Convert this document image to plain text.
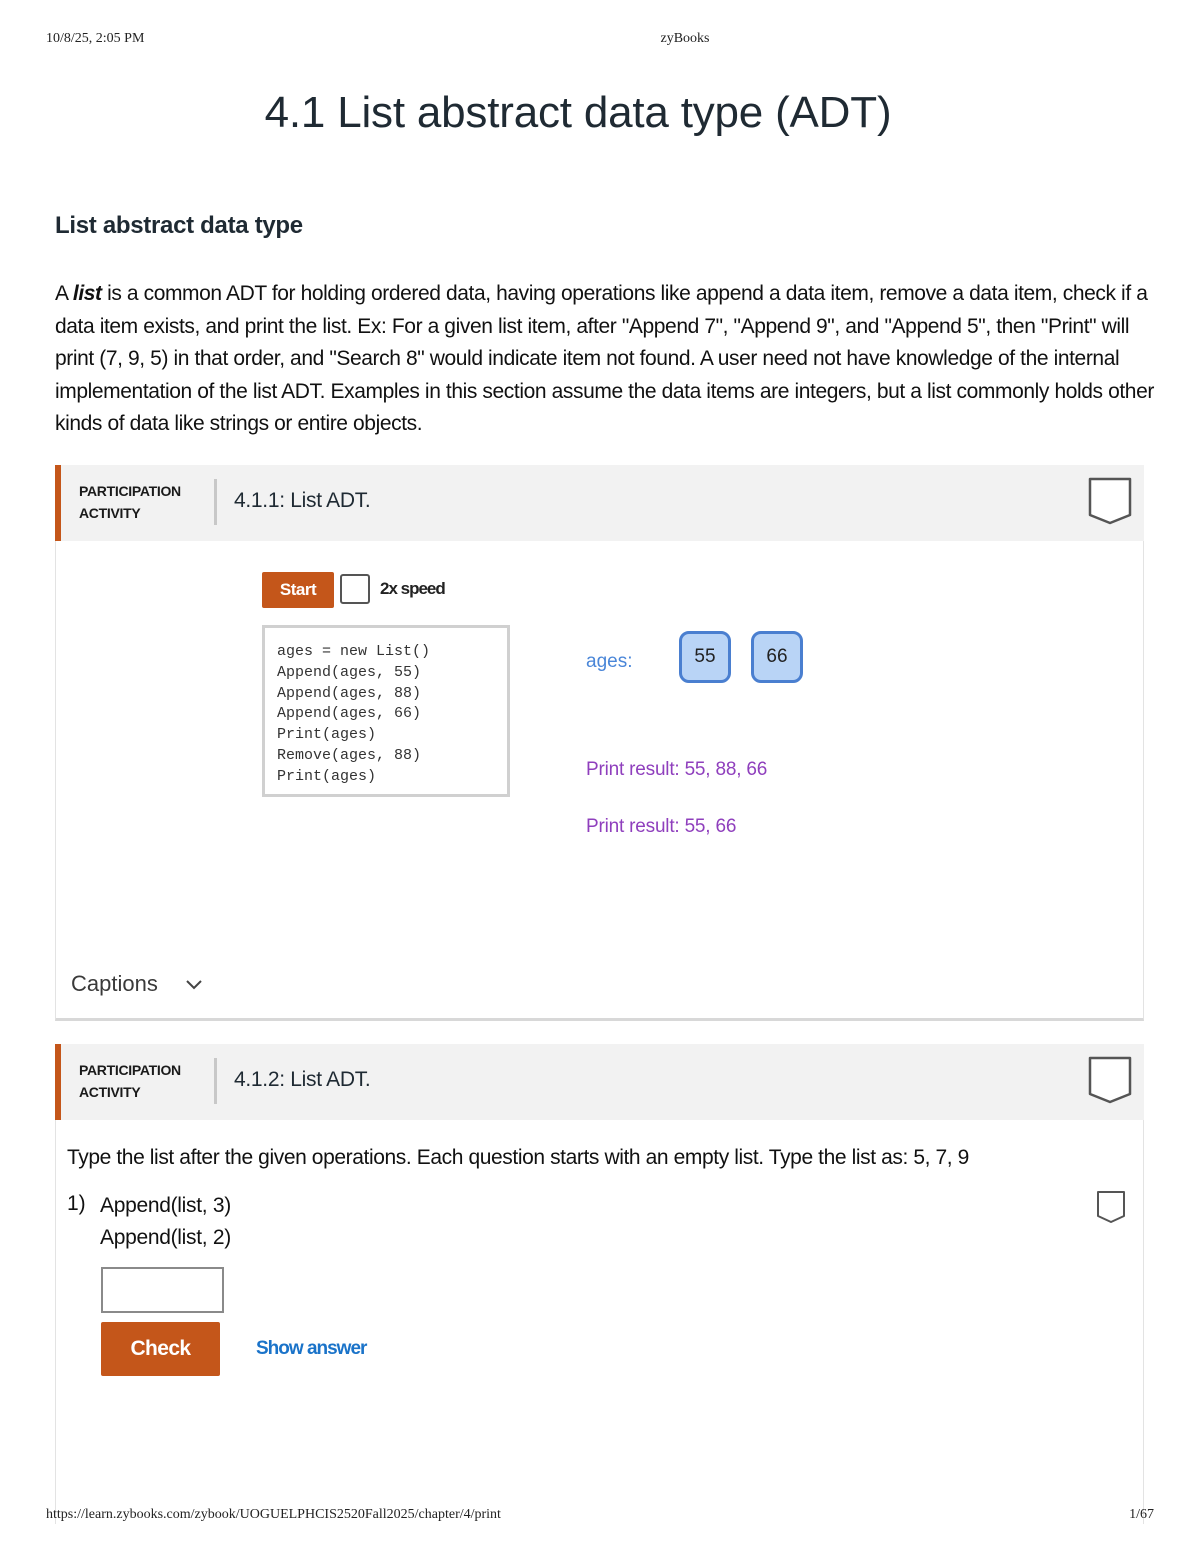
10/8/25, 2:05 PM	zyBooks
4.1 List abstract data type (ADT)
List abstract data type

A list is a common ADT for holding ordered data, having operations like append a data item, remove a data item, check if a data item exists, and print the list. Ex: For a given list item, after "Append 7", "Append 9", and "Append 5", then "Print" will print (7, 9, 5) in that order, and "Search 8" would indicate item not found. A user need not have knowledge of the internal implementation of the list ADT. Examples in this section assume the data items are integers, but a list commonly holds other kinds of data like strings or entire objects.

PARTICIPATION
ACTIVITY
4.1.1: List ADT.
Start	2x speed
ages = new List()
Append(ages, 55)
Append(ages, 88)
Append(ages, 66)
Print(ages)
Remove(ages, 88)
Print(ages)
ages:	55	66
Print result: 55, 88, 66
Print result: 55, 66
Captions
PARTICIPATION
ACTIVITY
4.1.2: List ADT.
Type the list after the given operations. Each question starts with an empty list. Type the list as: 5, 7, 9
1) Append(list, 3)
Append(list, 2)
Check	Show answer
https://learn.zybooks.com/zybook/UOGUELPHCIS2520Fall2025/chapter/4/print	1/67
